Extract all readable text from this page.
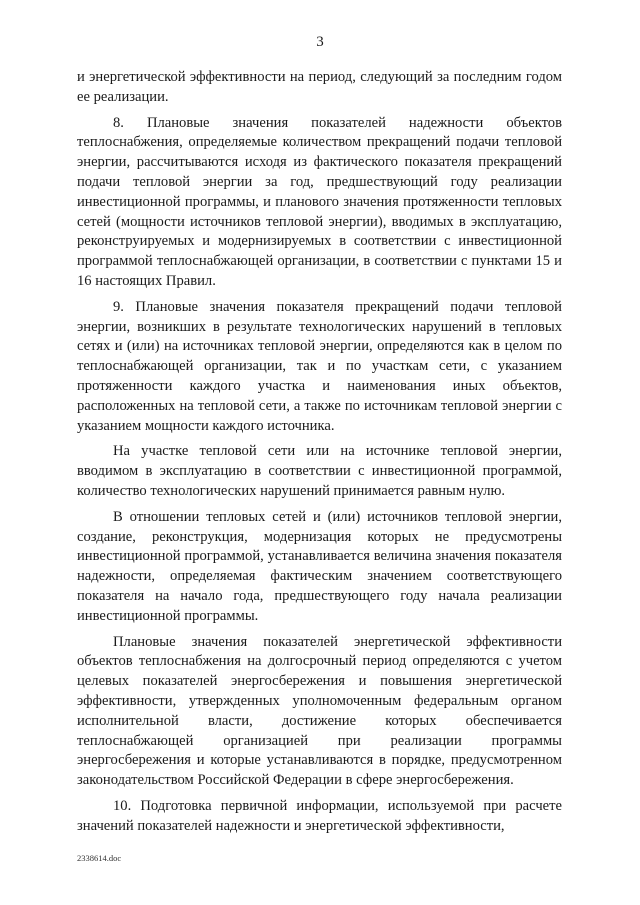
3

и энергетической эффективности на период, следующий за последним годом ее реализации.

8. Плановые значения показателей надежности объектов теплоснабжения, определяемые количеством прекращений подачи тепловой энергии, рассчитываются исходя из фактического показателя прекращений подачи тепловой энергии за год, предшествующий году реализации инвестиционной программы, и планового значения протяженности тепловых сетей (мощности источников тепловой энергии), вводимых в эксплуатацию, реконструируемых и модернизируемых в соответствии с инвестиционной программой теплоснабжающей организации, в соответствии с пунктами 15 и 16 настоящих Правил.

9. Плановые значения показателя прекращений подачи тепловой энергии, возникших в результате технологических нарушений в тепловых сетях и (или) на источниках тепловой энергии, определяются как в целом по теплоснабжающей организации, так и по участкам сети, с указанием протяженности каждого участка и наименования иных объектов, расположенных на тепловой сети, а также по источникам тепловой энергии с указанием мощности каждого источника.

На участке тепловой сети или на источнике тепловой энергии, вводимом в эксплуатацию в соответствии с инвестиционной программой, количество технологических нарушений принимается равным нулю.

В отношении тепловых сетей и (или) источников тепловой энергии, создание, реконструкция, модернизация которых не предусмотрены инвестиционной программой, устанавливается величина значения показателя надежности, определяемая фактическим значением соответствующего показателя на начало года, предшествующего году начала реализации инвестиционной программы.

Плановые значения показателей энергетической эффективности объектов теплоснабжения на долгосрочный период определяются с учетом целевых показателей энергосбережения и повышения энергетической эффективности, утвержденных уполномоченным федеральным органом исполнительной власти, достижение которых обеспечивается теплоснабжающей организацией при реализации программы энергосбережения и которые устанавливаются в порядке, предусмотренном законодательством Российской Федерации в сфере энергосбережения.

10. Подготовка первичной информации, используемой при расчете значений показателей надежности и энергетической эффективности,

2338614.doc
